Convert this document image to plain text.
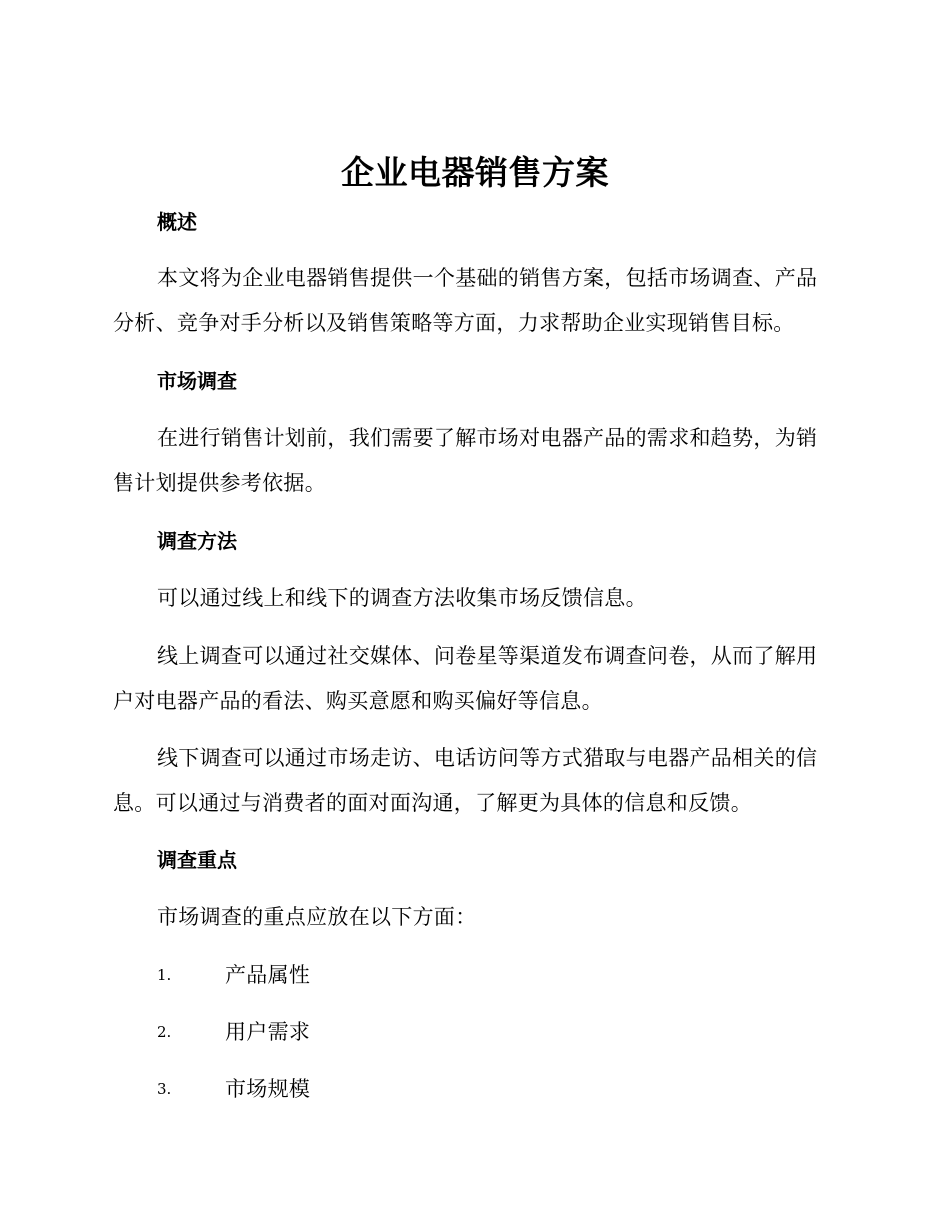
企业电器销售方案
概述
本文将为企业电器销售提供一个基础的销售方案，包括市场调查、产品分析、竞争对手分析以及销售策略等方面，力求帮助企业实现销售目标。
市场调查
在进行销售计划前，我们需要了解市场对电器产品的需求和趋势，为销售计划提供参考依据。
调查方法
可以通过线上和线下的调查方法收集市场反馈信息。
线上调查可以通过社交媒体、问卷星等渠道发布调查问卷，从而了解用户对电器产品的看法、购买意愿和购买偏好等信息。
线下调查可以通过市场走访、电话访问等方式猎取与电器产品相关的信息。可以通过与消费者的面对面沟通，了解更为具体的信息和反馈。
调查重点
市场调查的重点应放在以下方面：
1.	产品属性
2.	用户需求
3.	市场规模
